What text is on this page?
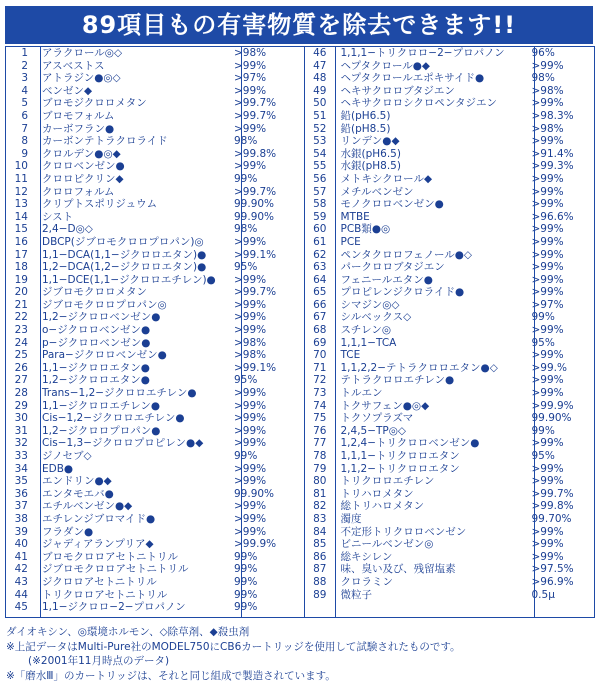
89項目もの有害物質を除去できます!!
1	アラクロール◎◇	>98%
2	アスベストス	>99%
3	アトラジン●◎◇	>97%
4	ベンゼン◆	>99%
5	ブロモジクロロメタン	>99.7%
6	ブロモフォルム	>99.7%
7	カーボフラン●	>99%
8	カーボンテトラクロライド	98%
9	クロルデン●◎◆	>99.8%
10	クロロベンゼン●	>99%
11	クロロピクリン◆	99%
12	クロロフォルム	>99.7%
13	クリプトスポリジュウム	99.90%
14	シスト	99.90%
15	2,4−D◎◇	98%
16	DBCP(ジブロモクロロプロパン)◎	>99%
17	1,1−DCA(1,1−ジクロロエタン)●	>99.1%
18	1,2−DCA(1,2−ジクロロエタン)●	95%
19	1,1−DCE(1,1−ジクロロエチレン)●	>99%
20	ジブロモクロロメタン	>99.7%
21	ジブロモクロロプロパン◎	>99%
22	1,2−ジクロロベンゼン●	>99%
23	o−ジクロロベンゼン●	>99%
24	p−ジクロロベンゼン●	>98%
25	Para−ジクロロベンゼン●	>98%
26	1,1−ジクロロエタン●	>99.1%
27	1,2−ジクロロエタン●	95%
28	Trans−1,2−ジクロロエチレン●	>99%
29	1,1−ジクロロエチレン●	>99%
30	Cis−1,2−ジクロロエチレン●	>99%
31	1,2−ジクロロプロパン●	>99%
32	Cis−1,3−ジクロロプロピレン●◆	>99%
33	ジノセブ◇	99%
34	EDB●	>99%
35	エンドリン●◆	>99%
36	エンタモエバ●	99.90%
37	エチルベンゼン●◆	>99%
38	エチレンジブロマイド●	>99%
39	フラダン●	>99%
40	ジャディアランプリア◆	>99.9%
41	ブロモクロロアセトニトリル	99%
42	ジブロモクロロアセトニトリル	99%
43	ジクロロアセトニトリル	99%
44	トリクロロアセトニトリル	99%
45	1,1−ジクロロ−2−プロパノン	99%
46	1,1,1−トリクロロ−2−プロパノン	96%
47	ヘプタクロール●◆	>99%
48	ヘプタクロールエポキサイド●	98%
49	ヘキサクロロブタジエン	>98%
50	ヘキサクロロシクロペンタジエン	>99%
51	鉛(pH6.5)	>98.3%
52	鉛(pH8.5)	>98%
53	リンデン●◆	>99%
54	水銀(pH6.5)	>91.4%
55	水銀(pH8.5)	>99.3%
56	メトキシクロール◆	>99%
57	メチルベンゼン	>99%
58	モノクロロベンゼン●	>99%
59	MTBE	>96.6%
60	PCB類●◎	>99%
61	PCE	>99%
62	ペンタクロロフェノール●◇	>99%
63	パークロロブタジエン	>99%
64	フェニールエタン●	>99%
65	プロピレンジクロライド●	>99%
66	シマジン◎◇	>97%
67	シルベックス◇	99%
68	スチレン◎	>99%
69	1,1,1−TCA	95%
70	TCE	>99%
71	1,1,2,2−テトラクロロエタン●◇	>99.%
72	テトラクロロエチレン●	>99%
73	トルエン	>99%
74	トクサフェン●◎◆	>99.9%
75	トクソプラズマ	99.90%
76	2,4,5−TP◎◇	99%
77	1,2,4−トリクロロベンゼン●	>99%
78	1,1,1−トリクロロエタン	95%
79	1,1,2−トリクロロエタン	>99%
80	トリクロロエチレン	>99%
81	トリハロメタン	>99.7%
82	総トリハロメタン	>99.8%
83	濁度	99.70%
84	不定形トリクロロベンゼン	>99%
85	ビニールベンゼン◎	>99%
86	総キシレン	>99%
87	味、臭い及び、残留塩素	>97.5%
88	クロラミン	>96.9%
89	微粒子	0.5μ
ダイオキシン、◎環境ホルモン、◇除草剤、◆殺虫剤
※上記データはMulti-Pure社のMODEL750にCB6カートリッジを使用して試験されたものです。
(※2001年11月時点のデータ)
※「磨水Ⅲ」のカートリッジは、それと同じ組成で製造されています。
